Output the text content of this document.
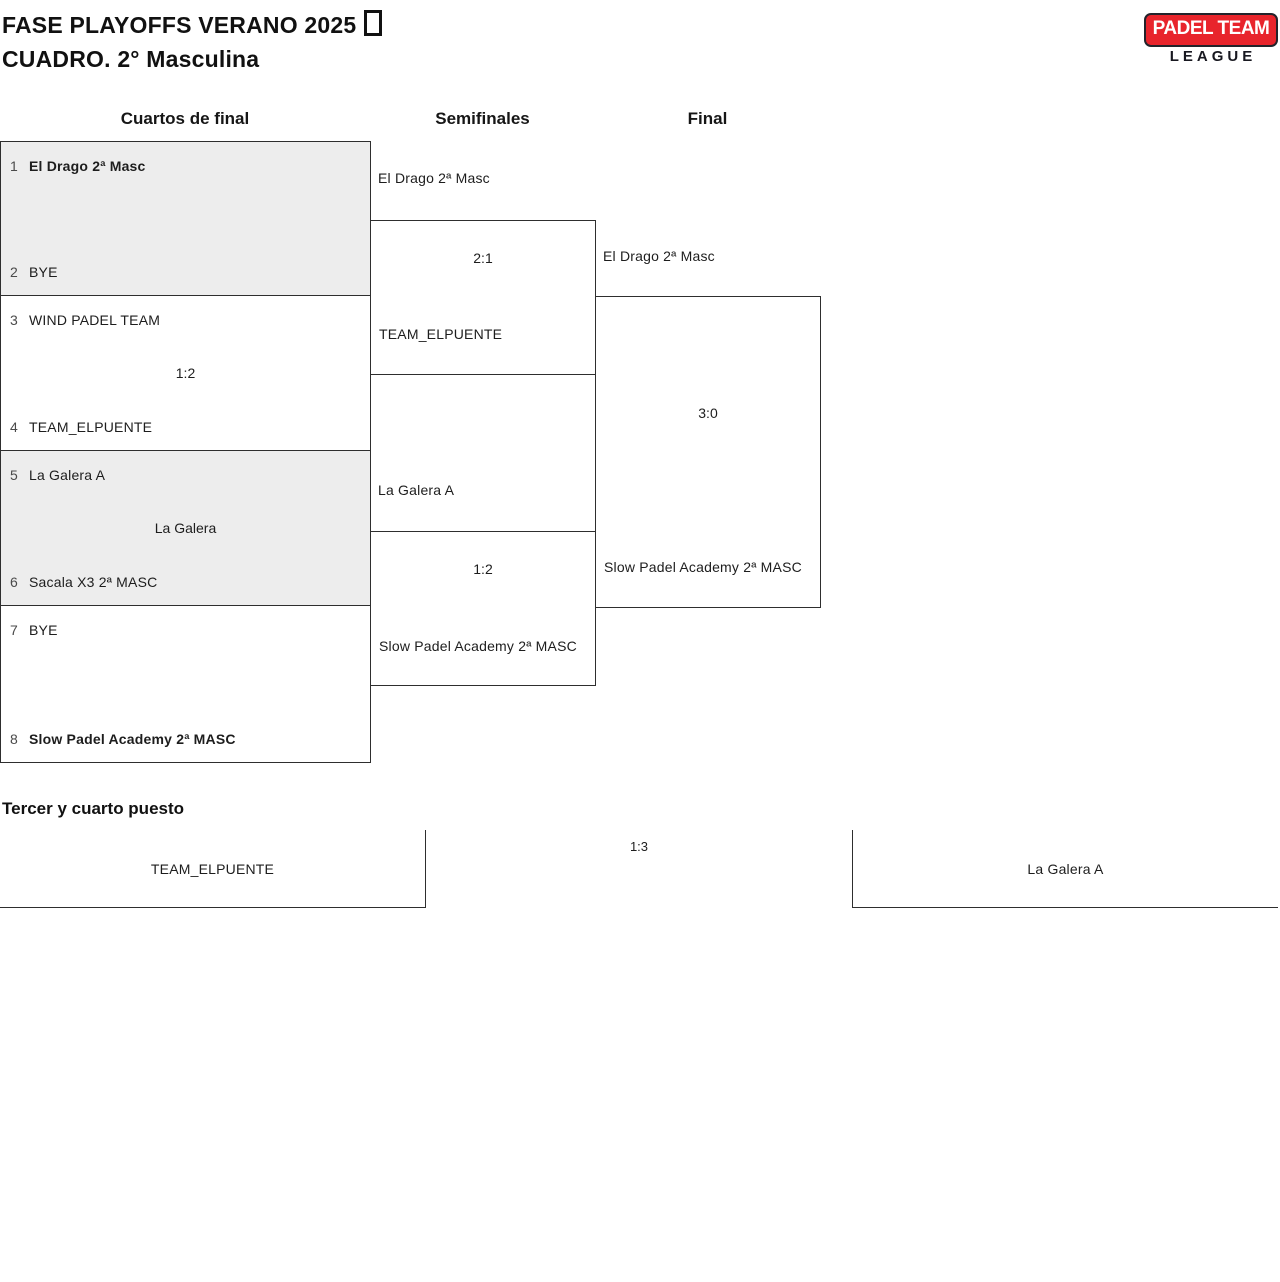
FASE PLAYOFFS VERANO 2025
CUADRO. 2° Masculina
PADEL TEAM
LEAGUE
Cuartos de final	Semifinales	Final
1 El Drago 2ª Masc
2 BYE
3 WIND PADEL TEAM
1:2
4 TEAM_ELPUENTE
5 La Galera A
La Galera
6 Sacala X3 2ª MASC
7 BYE
8 Slow Padel Academy 2ª MASC
El Drago 2ª Masc
2:1
TEAM_ELPUENTE
La Galera A
1:2
Slow Padel Academy 2ª MASC
El Drago 2ª Masc
3:0
Slow Padel Academy 2ª MASC
Tercer y cuarto puesto
TEAM_ELPUENTE
1:3
La Galera A
